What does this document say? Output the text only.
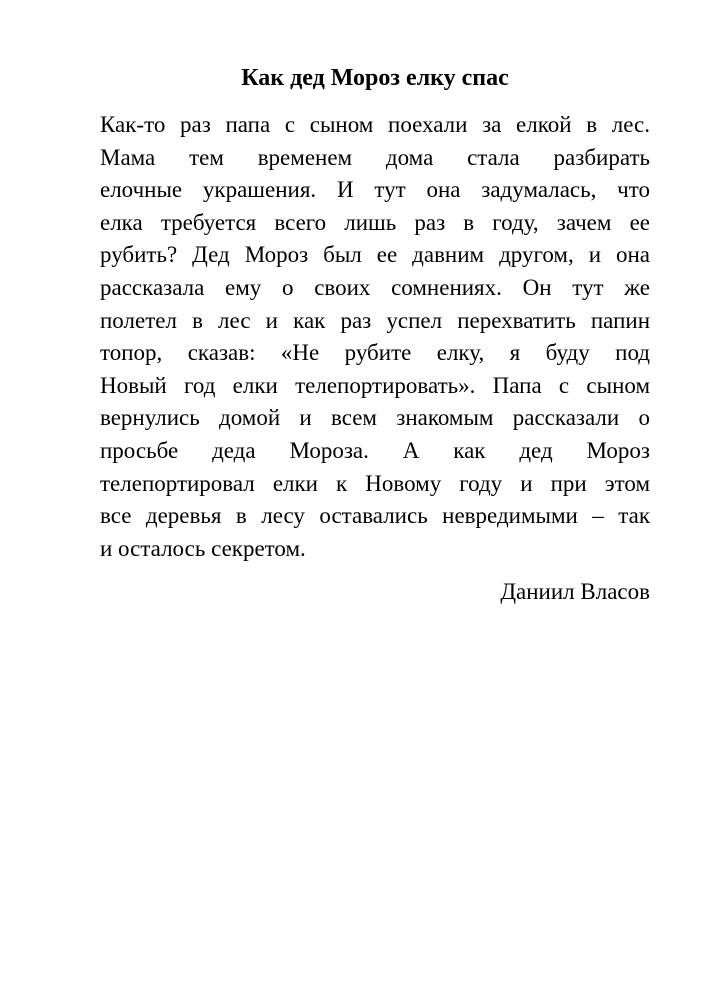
Как дед Мороз елку спас
Как-то раз папа с сыном поехали за елкой в лес.
Мама тем временем дома стала разбирать
елочные украшения. И тут она задумалась, что
елка требуется всего лишь раз в году, зачем ее
рубить? Дед Мороз был ее давним другом, и она
рассказала ему о своих сомнениях. Он тут же
полетел в лес и как раз успел перехватить папин
топор, сказав: «Не рубите елку, я буду под
Новый год елки телепортировать». Папа с сыном
вернулись домой и всем знакомым рассказали о
просьбе деда Мороза. А как дед Мороз
телепортировал елки к Новому году и при этом
все деревья в лесу оставались невредимыми – так
и осталось секретом.
Даниил Власов
